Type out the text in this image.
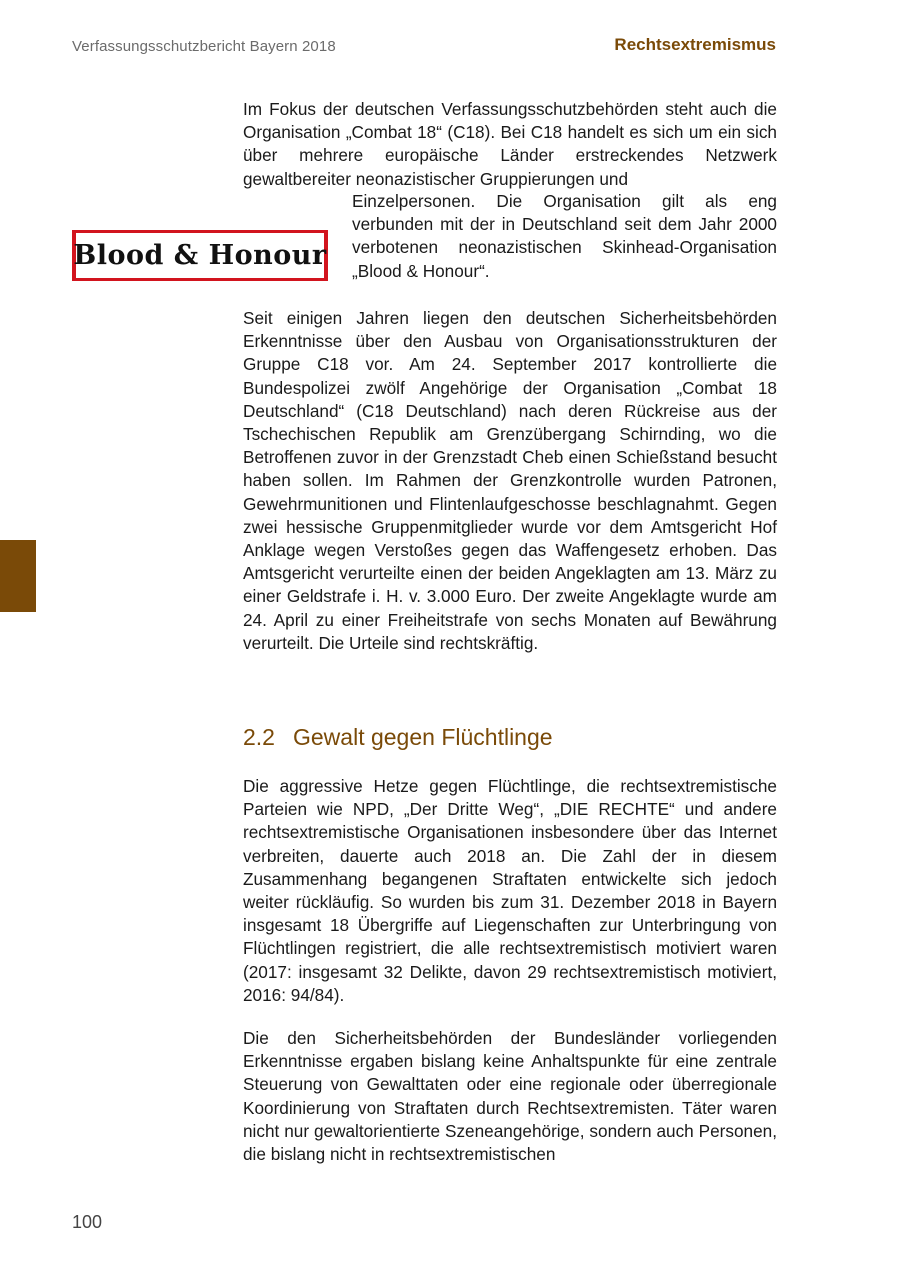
Verfassungsschutzbericht Bayern 2018	Rechtsextremismus

Im Fokus der deutschen Verfassungsschutzbehörden steht auch die Organisation „Combat 18“ (C18). Bei C18 handelt es sich um ein sich über mehrere europäische Länder erstreckendes Netzwerk gewaltbereiter neonazistischer Gruppierungen und

Einzelpersonen. Die Organisation gilt als eng verbunden mit der in Deutschland seit dem Jahr 2000 verbotenen neonazistischen Skinhead-Organisation „Blood & Honour“.

Blood & Honour

Seit einigen Jahren liegen den deutschen Sicherheitsbehörden Erkenntnisse über den Ausbau von Organisationsstrukturen der Gruppe C18 vor. Am 24. September 2017 kontrollierte die Bundespolizei zwölf Angehörige der Organisation „Combat 18 Deutschland“ (C18 Deutschland) nach deren Rückreise aus der Tschechischen Republik am Grenzübergang Schirnding, wo die Betroffenen zuvor in der Grenzstadt Cheb einen Schießstand besucht haben sollen. Im Rahmen der Grenzkontrolle wurden Patronen, Gewehrmunitionen und Flintenlaufgeschosse beschlagnahmt. Gegen zwei hessische Gruppenmitglieder wurde vor dem Amtsgericht Hof Anklage wegen Verstoßes gegen das Waffengesetz erhoben. Das Amtsgericht verurteilte einen der beiden Angeklagten am 13. März zu einer Geldstrafe i. H. v. 3.000 Euro. Der zweite Angeklagte wurde am 24. April zu einer Freiheitstrafe von sechs Monaten auf Bewährung verurteilt. Die Urteile sind rechtskräftig.

2.2 Gewalt gegen Flüchtlinge

Die aggressive Hetze gegen Flüchtlinge, die rechtsextremistische Parteien wie NPD, „Der Dritte Weg“, „DIE RECHTE“ und andere rechtsextremistische Organisationen insbesondere über das Internet verbreiten, dauerte auch 2018 an. Die Zahl der in diesem Zusammenhang begangenen Straftaten entwickelte sich jedoch weiter rückläufig. So wurden bis zum 31. Dezember 2018 in Bayern insgesamt 18 Übergriffe auf Liegenschaften zur Unterbringung von Flüchtlingen registriert, die alle rechtsextremistisch motiviert waren (2017: insgesamt 32 Delikte, davon 29 rechtsextremistisch motiviert, 2016: 94/84).

Die den Sicherheitsbehörden der Bundesländer vorliegenden Erkenntnisse ergaben bislang keine Anhaltspunkte für eine zentrale Steuerung von Gewalttaten oder eine regionale oder überregionale Koordinierung von Straftaten durch Rechtsextremisten. Täter waren nicht nur gewaltorientierte Szeneangehörige, sondern auch Personen, die bislang nicht in rechtsextremistischen

100
